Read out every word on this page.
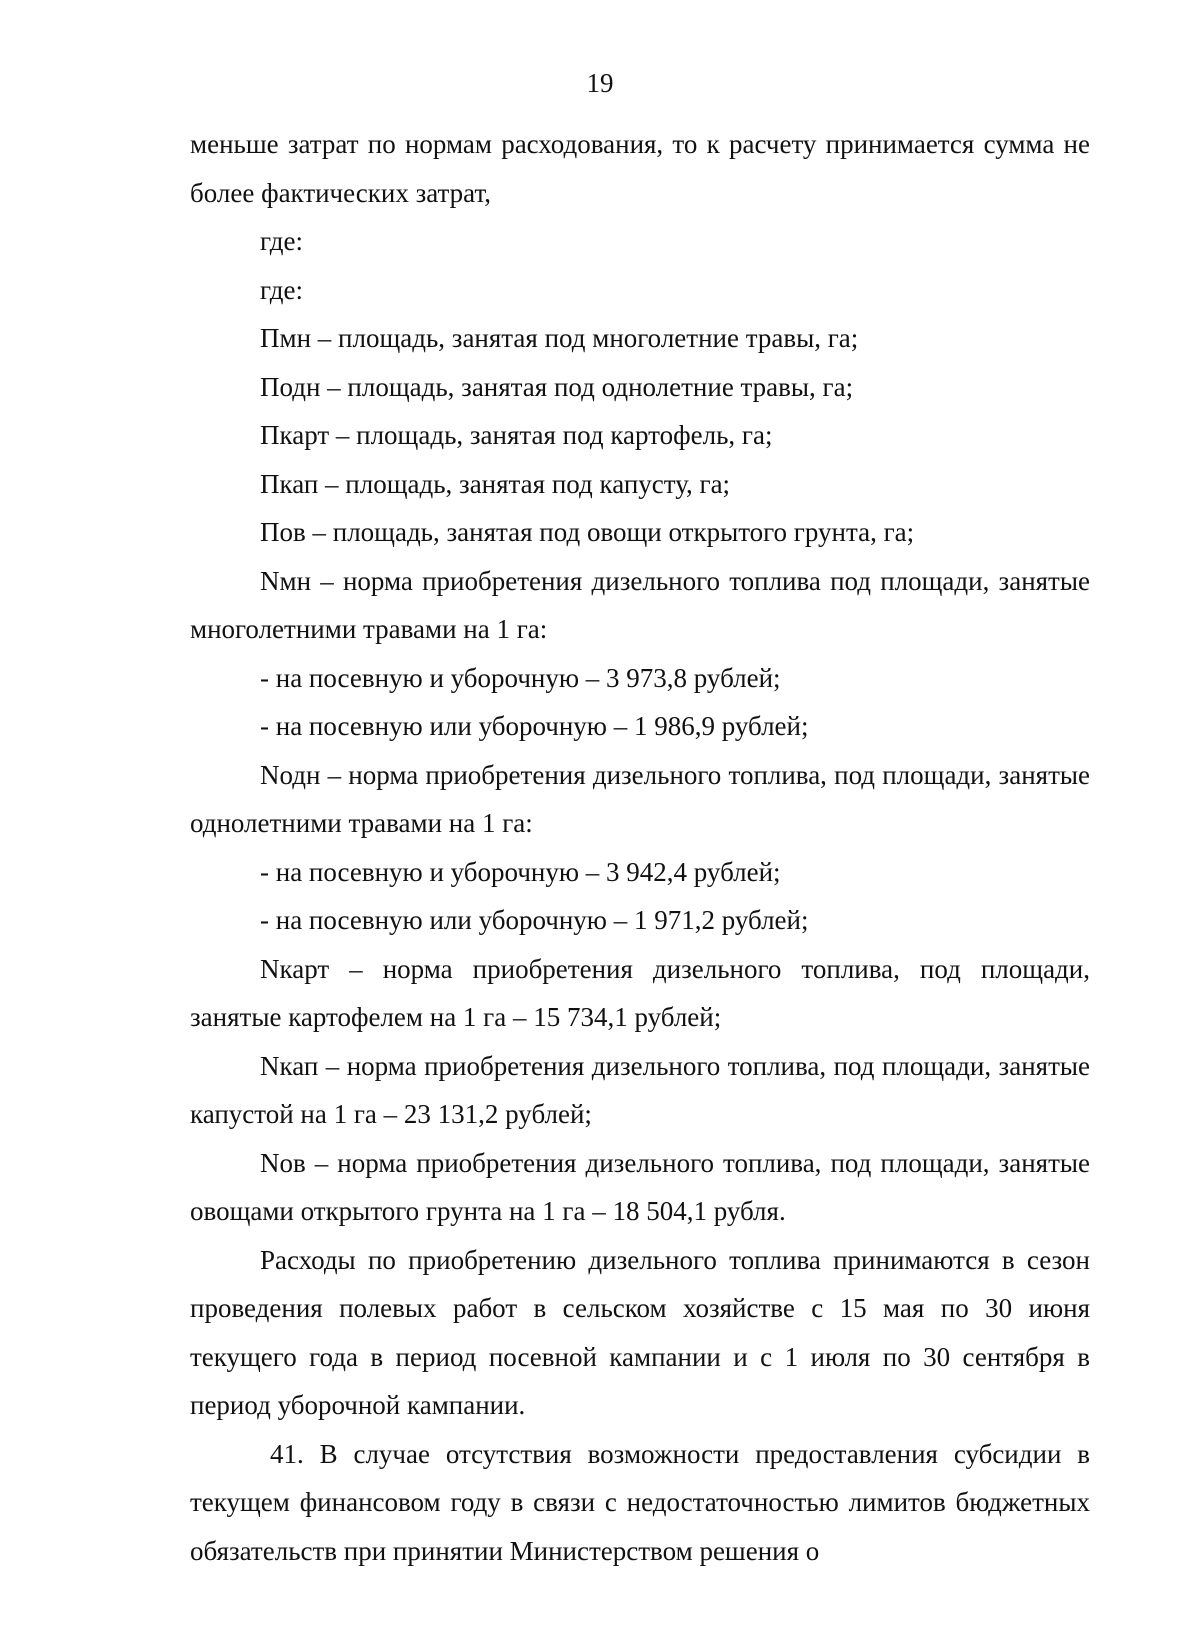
19

меньше затрат по нормам расходования, то к расчету принимается сумма не более фактических затрат,

где:

где:

Пмн – площадь, занятая под многолетние травы, га;

Подн – площадь, занятая под однолетние травы, га;

Пкарт – площадь, занятая под картофель, га;

Пкап – площадь, занятая под капусту, га;

Пов – площадь, занятая под овощи открытого грунта, га;

Nмн – норма приобретения дизельного топлива под площади, занятые многолетними травами на 1 га:

- на посевную и уборочную – 3 973,8 рублей;

- на посевную или уборочную – 1 986,9 рублей;

Nодн – норма приобретения дизельного топлива, под площади, занятые однолетними травами на 1 га:

- на посевную и уборочную – 3 942,4 рублей;

- на посевную или уборочную – 1 971,2 рублей;

Nкарт – норма приобретения дизельного топлива, под площади, занятые картофелем на 1 га – 15 734,1 рублей;

Nкап – норма приобретения дизельного топлива, под площади, занятые капустой на 1 га – 23 131,2 рублей;

Nов – норма приобретения дизельного топлива, под площади, занятые овощами открытого грунта на 1 га – 18 504,1 рубля.

Расходы по приобретению дизельного топлива принимаются в сезон проведения полевых работ в сельском хозяйстве с 15 мая по 30 июня текущего года в период посевной кампании и с 1 июля по 30 сентября в период уборочной кампании.

41. В случае отсутствия возможности предоставления субсидии в текущем финансовом году в связи с недостаточностью лимитов бюджетных обязательств при принятии Министерством решения о
